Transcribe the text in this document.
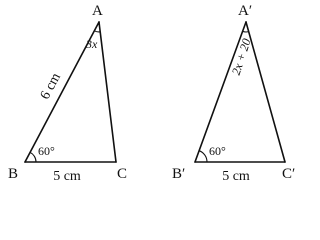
A
B	C
3x
60°
6 cm
5 cm
A′
B′	C′
2x + 20
60°
5 cm
